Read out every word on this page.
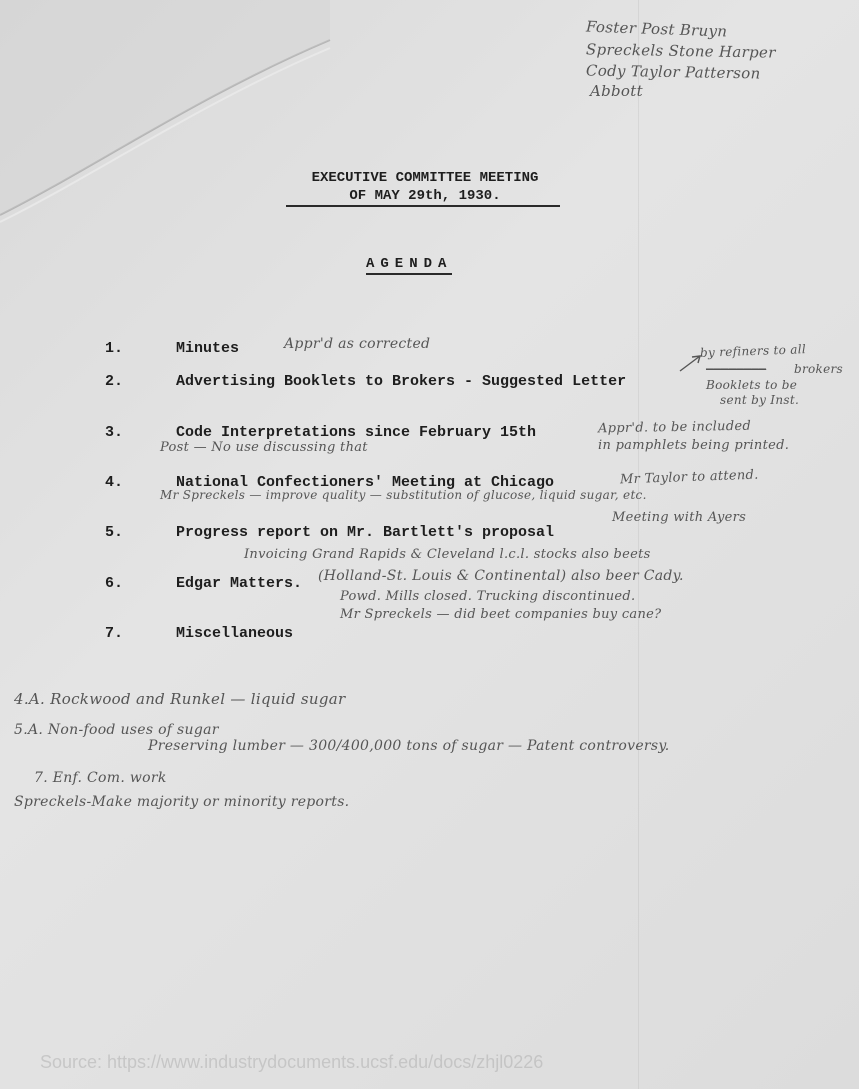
Foster Post Bruyn
Spreckels Stone Harper
Cody Taylor Patterson
Abbott
EXECUTIVE COMMITTEE MEETING
OF MAY 29th, 1930.
AGENDA
1.	Minutes
2.	Advertising Booklets to Brokers - Suggested Letter
3.	Code Interpretations since February 15th
4.	National Confectioners' Meeting at Chicago
5.	Progress report on Mr. Bartlett's proposal
6.	Edgar Matters.
7.	Miscellaneous
Appr'd as corrected	by refiners to all
brokers
────────
Booklets to be
sent by Inst.
Appr'd. to be included
in pamphlets being printed.
Post — No use discussing that
Mr Taylor to attend.
Mr Spreckels — improve quality — substitution of glucose, liquid sugar, etc.
Meeting with Ayers
Invoicing Grand Rapids & Cleveland l.c.l. stocks also beets
(Holland-St. Louis & Continental) also beer Cady.
Powd. Mills closed. Trucking discontinued.
Mr Spreckels — did beet companies buy cane?
4.A. Rockwood and Runkel — liquid sugar
5.A. Non-food uses of sugar
Preserving lumber — 300/400,000 tons of sugar — Patent controversy.
7. Enf. Com. work
Spreckels-Make majority or minority reports.
Source: https://www.industrydocuments.ucsf.edu/docs/zhjl0226
